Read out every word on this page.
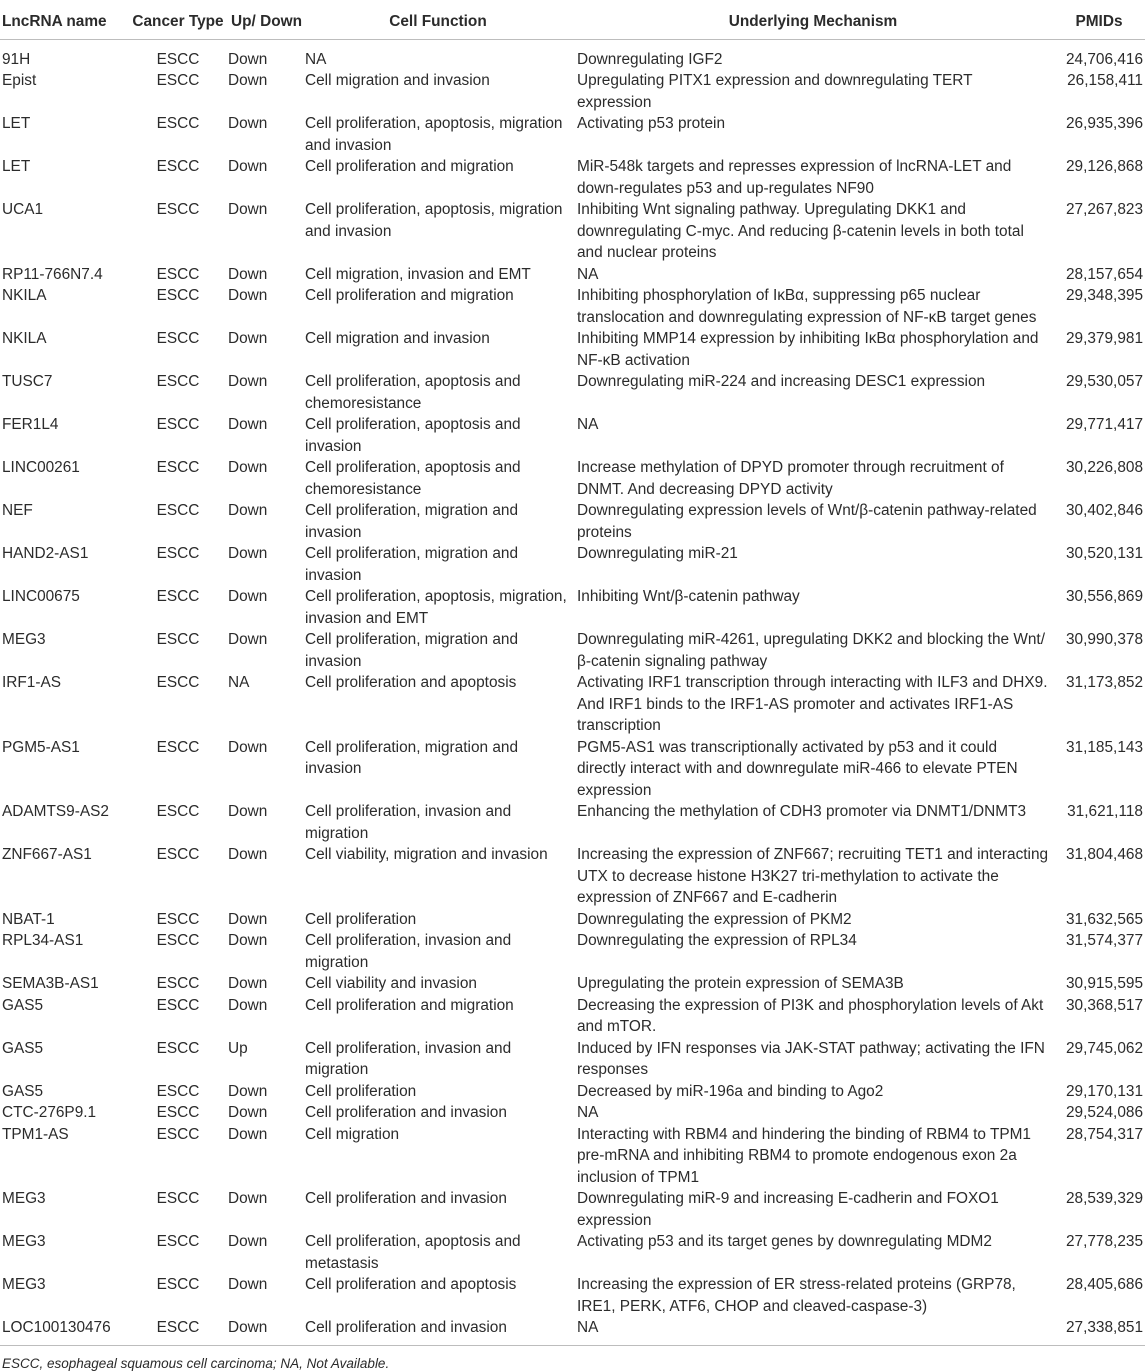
LncRNA name	Cancer Type	Up/ Down	Cell Function	Underlying Mechanism	PMIDs
91H	ESCC	Down	NA	Downregulating IGF2	24,706,416
Epist	ESCC	Down	Cell migration and invasion	Upregulating PITX1 expression and downregulating TERT expression	26,158,411
LET	ESCC	Down	Cell proliferation, apoptosis, migration and invasion	Activating p53 protein	26,935,396
LET	ESCC	Down	Cell proliferation and migration	MiR-548k targets and represses expression of lncRNA-LET and down-regulates p53 and up-regulates NF90	29,126,868
UCA1	ESCC	Down	Cell proliferation, apoptosis, migration and invasion	Inhibiting Wnt signaling pathway. Upregulating DKK1 and downregulating C-myc. And reducing β-catenin levels in both total and nuclear proteins	27,267,823
RP11-766N7.4	ESCC	Down	Cell migration, invasion and EMT	NA	28,157,654
NKILA	ESCC	Down	Cell proliferation and migration	Inhibiting phosphorylation of IκBα, suppressing p65 nuclear translocation and downregulating expression of NF-κB target genes	29,348,395
NKILA	ESCC	Down	Cell migration and invasion	Inhibiting MMP14 expression by inhibiting IκBα phosphorylation and NF-κB activation	29,379,981
TUSC7	ESCC	Down	Cell proliferation, apoptosis and chemoresistance	Downregulating miR-224 and increasing DESC1 expression	29,530,057
FER1L4	ESCC	Down	Cell proliferation, apoptosis and invasion	NA	29,771,417
LINC00261	ESCC	Down	Cell proliferation, apoptosis and chemoresistance	Increase methylation of DPYD promoter through recruitment of DNMT. And decreasing DPYD activity	30,226,808
NEF	ESCC	Down	Cell proliferation, migration and invasion	Downregulating expression levels of Wnt/β-catenin pathway-related proteins	30,402,846
HAND2-AS1	ESCC	Down	Cell proliferation, migration and invasion	Downregulating miR-21	30,520,131
LINC00675	ESCC	Down	Cell proliferation, apoptosis, migration, invasion and EMT	Inhibiting Wnt/β-catenin pathway	30,556,869
MEG3	ESCC	Down	Cell proliferation, migration and invasion	Downregulating miR-4261, upregulating DKK2 and blocking the Wnt/ β-catenin signaling pathway	30,990,378
IRF1-AS	ESCC	NA	Cell proliferation and apoptosis	Activating IRF1 transcription through interacting with ILF3 and DHX9. And IRF1 binds to the IRF1-AS promoter and activates IRF1-AS transcription	31,173,852
PGM5-AS1	ESCC	Down	Cell proliferation, migration and invasion	PGM5-AS1 was transcriptionally activated by p53 and it could directly interact with and downregulate miR-466 to elevate PTEN expression	31,185,143
ADAMTS9-AS2	ESCC	Down	Cell proliferation, invasion and migration	Enhancing the methylation of CDH3 promoter via DNMT1/DNMT3	31,621,118
ZNF667-AS1	ESCC	Down	Cell viability, migration and invasion	Increasing the expression of ZNF667; recruiting TET1 and interacting UTX to decrease histone H3K27 tri-methylation to activate the expression of ZNF667 and E-cadherin	31,804,468
NBAT-1	ESCC	Down	Cell proliferation	Downregulating the expression of PKM2	31,632,565
RPL34-AS1	ESCC	Down	Cell proliferation, invasion and migration	Downregulating the expression of RPL34	31,574,377
SEMA3B-AS1	ESCC	Down	Cell viability and invasion	Upregulating the protein expression of SEMA3B	30,915,595
GAS5	ESCC	Down	Cell proliferation and migration	Decreasing the expression of PI3K and phosphorylation levels of Akt and mTOR.	30,368,517
GAS5	ESCC	Up	Cell proliferation, invasion and migration	Induced by IFN responses via JAK-STAT pathway; activating the IFN responses	29,745,062
GAS5	ESCC	Down	Cell proliferation	Decreased by miR-196a and binding to Ago2	29,170,131
CTC-276P9.1	ESCC	Down	Cell proliferation and invasion	NA	29,524,086
TPM1-AS	ESCC	Down	Cell migration	Interacting with RBM4 and hindering the binding of RBM4 to TPM1 pre-mRNA and inhibiting RBM4 to promote endogenous exon 2a inclusion of TPM1	28,754,317
MEG3	ESCC	Down	Cell proliferation and invasion	Downregulating miR-9 and increasing E-cadherin and FOXO1 expression	28,539,329
MEG3	ESCC	Down	Cell proliferation, apoptosis and metastasis	Activating p53 and its target genes by downregulating MDM2	27,778,235
MEG3	ESCC	Down	Cell proliferation and apoptosis	Increasing the expression of ER stress-related proteins (GRP78, IRE1, PERK, ATF6, CHOP and cleaved-caspase-3)	28,405,686
LOC100130476	ESCC	Down	Cell proliferation and invasion	NA	27,338,851
ESCC, esophageal squamous cell carcinoma; NA, Not Available.
